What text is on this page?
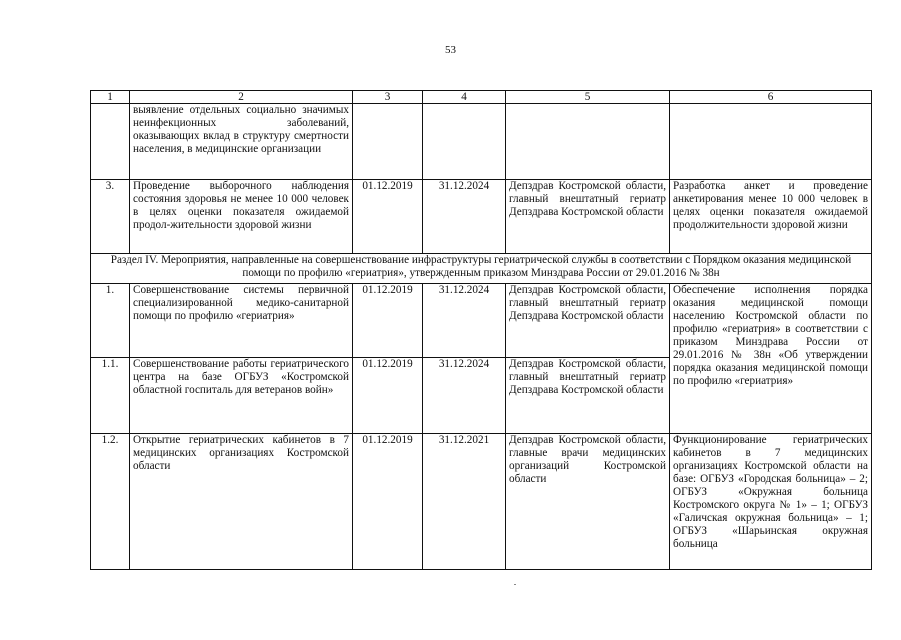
53
1	2	3	4	5	6
	выявление отдельных социально значимых неинфекционных заболеваний, оказывающих вклад в структуру смертности населения, в медицинские организации				
3.	Проведение выборочного наблюдения состояния здоровья не менее 10 000 человек в целях оценки показателя ожидаемой продол-жительности здоровой жизни	01.12.2019	31.12.2024	Депздрав Костромской области, главный внештатный гериатр Депздрава Костромской области	Разработка анкет и проведение анкетирования менее 10 000 человек в целях оценки показателя ожидаемой продолжительности здоровой жизни
Раздел IV. Мероприятия, направленные на совершенствование инфраструктуры гериатрической службы в соответствии с Порядком оказания медицинской помощи по профилю «гериатрия», утвержденным приказом Минздрава России от 29.01.2016 № 38н					
1.	Совершенствование системы первичной специализированной медико-санитарной помощи по профилю «гериатрия»	01.12.2019	31.12.2024	Депздрав Костромской области, главный внештатный гериатр Депздрава Костромской области	Обеспечение исполнения порядка оказания медицинской помощи населению Костромской области по профилю «гериатрия» в соответствии с приказом Минздрава России от 29.01.2016 № 38н «Об утверждении порядка оказания медицинской помощи по профилю «гериатрия»
1.1.	Совершенствование работы гериатрического центра на базе ОГБУЗ «Костромской областной госпиталь для ветеранов войн»	01.12.2019	31.12.2024	Депздрав Костромской области, главный внештатный гериатр Депздрава Костромской области	
1.2.	Открытие гериатрических кабинетов в 7 медицинских организациях Костромской области	01.12.2019	31.12.2021	Депздрав Костромской области, главные врачи медицинских организаций Костромской области	Функционирование гериатрических кабинетов в 7 медицинских организациях Костромской области на базе: ОГБУЗ «Городская больница» – 2; ОГБУЗ «Окружная больница Костромского округа № 1» – 1; ОГБУЗ «Галичская окружная больница» – 1; ОГБУЗ «Шарьинская окружная больница
